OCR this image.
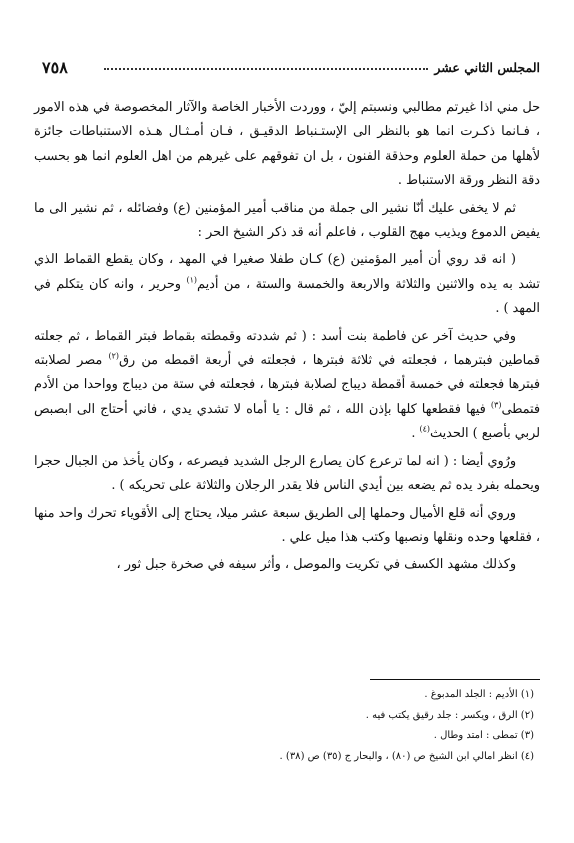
٧٥٨	المجلس الثاني عشر

حل مني اذا غيرتم مطالبي ونسبتم إليّ ، ووردت الأخبار الخاصة والآثار المخصوصة في هذه الامور ، فـانما ذكـرت انما هو بالنظر الى الإستـنباط الدقيـق ، فـان أمـثـال هـذه الاستنباطات جائزة لأهلها من حملة العلوم وحذقة الفنون ، بل ان تفوقهم على غيرهم من اهل العلوم انما هو بحسب دقة النظر ورقة الاستنباط .

ثم لا يخفى عليك أنّا نشير الى جملة من مناقب أمير المؤمنين (ع) وفضائله ، ثم نشير الى ما يفيض الدموع ويذيب مهج القلوب ، فاعلم أنه قد ذكر الشيخ الحر :

( انه قد روي أن أمير المؤمنين (ع) كـان طفلا صغيرا في المهد ، وكان يقطع القماط الذي تشد به يده والاثنين والثلاثة والاربعة والخمسة والستة ، من أديم$^{(١)}$ وحرير ، وانه كان يتكلم في المهد ) .

وفي حديث آخر عن فاطمة بنت أسد : ( ثم شددته وقمطته بقماط فبتر القماط ، ثم جعلته قماطين فبترهما ، فجعلته في ثلاثة فبترها ، فجعلته في أربعة اقمطه من رق$^{(٢)}$ مصر لصلابته فبترها فجعلته في خمسة أقمطة ديباج لصلابة فبترها ، فجعلته في ستة من ديباج وواحدا من الأدم فتمطى$^{(٣)}$ فيها فقطعها كلها بإذن الله ، ثم قال : يا أماه لا تشدي يدي ، فاني أحتاج الى ابصبص لربي بأصبع ) الحديث$^{(٤)}$ .

ورُوي أيضا : ( انه لما ترعرع كان يصارع الرجل الشديد فيصرعه ، وكان يأخذ من الجبال حجرا ويحمله بفرد يده ثم يضعه بين أيدي الناس فلا يقدر الرجلان والثلاثة على تحريكه ) .

وروي أنه قلع الأميال وحملها إلى الطريق سبعة عشر ميلا، يحتاج إلى الأقوياء تحرك واحد منها ، فقلعها وحده ونقلها ونصبها وكتب هذا ميل علي .

وكذلك مشهد الكسف في تكريت والموصل ، وأثر سيفه في صخرة جبل ثور ،

(١) الأديم : الجلد المدبوغ .
(٢) الرق ، ويكسر : جلد رقيق يكتب فيه .
(٣) تمطى : امتد وطال .
(٤) انظر امالي ابن الشيخ ص (٨٠) ، والبحار ج (٣٥) ص (٣٨) .
